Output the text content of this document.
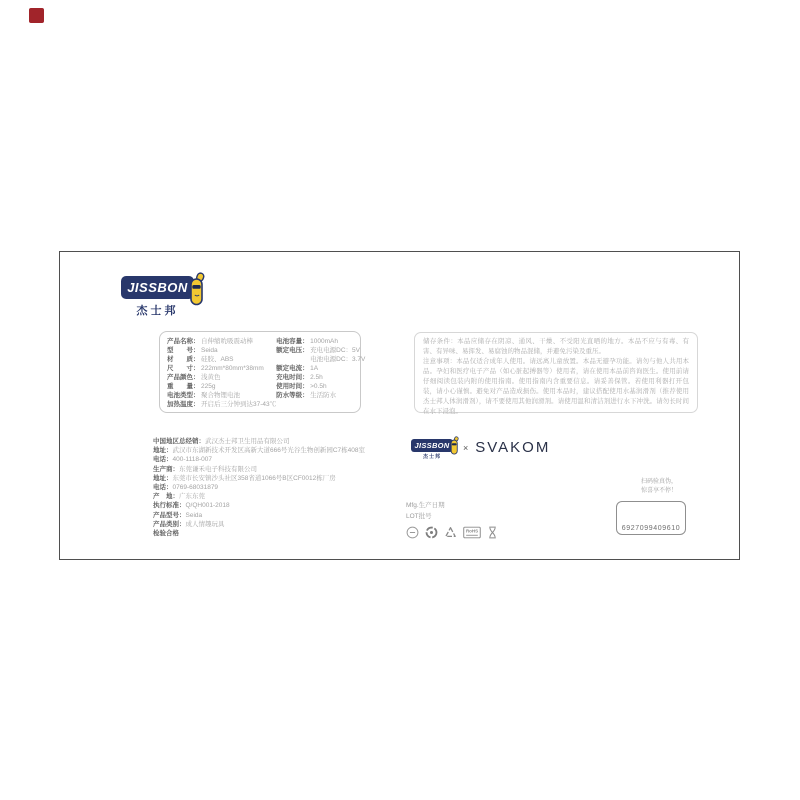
JISSBON
杰士邦
产品名称： 自伸缩吮吸震动棒
型　　号： Seida
材　　质： 硅胶、ABS
尺　　寸： 222mm*80mm*38mm
产品颜色： 浅黄色
重　　量： 225g
电池类型： 聚合物锂电池
加热温度： 开启后三分钟到达37-43℃
电池容量： 1000mAh
额定电压： 充电电源DC：5V
电池电源DC：3.7V
额定电流： 1A
充电时间： 2.5h
使用时间： >0.5h
防水等级： 生活防水

储存条件：本品应储存在阴凉、通风、干燥、不受阳光直晒的地方。本品不应与有毒、有害、有异味、易挥发、易腐蚀的物品混储，并避免污染及重压。

注意事项：本品仅适合成年人使用。请远离儿童放置。本品无避孕功能。请勿与他人共用本品。孕妇和医疗电子产品（如心脏起搏器等）使用者，请在使用本品前咨询医生。使用前请仔细阅读包装内附的使用指南。使用指南内含重要信息。请妥善保管。若使用利器打开包装，请小心谨慎。避免对产品造成损伤。使用本品时，建议搭配使用水基润滑剂（推荐使用杰士邦人体润滑剂），请不要使用其他润滑剂。请使用温和清洁剂进行水下冲洗。请勿长时间在水下浸泡。

中国地区总经销：武汉杰士邦卫生用品有限公司
地址：武汉市东湖新技术开发区高新大道666号光谷生物创新园C7栋408室
电话：400-1118-007
生产商：东莞谦禾电子科技有限公司
地址：东莞市长安镇沙头社区358省道1066号B区CF0012栋厂房
电话：0769-68031879
产　地：广东东莞
执行标准：Q/QH001-2018
产品型号：Seida
产品类别：成人情趣玩具
检验合格
JISSBON
杰士邦
× SVAKOM
Mfg.生产日期
LOT批号
RoHS
扫码验真伪，
惊喜享不停！
6927099409610
